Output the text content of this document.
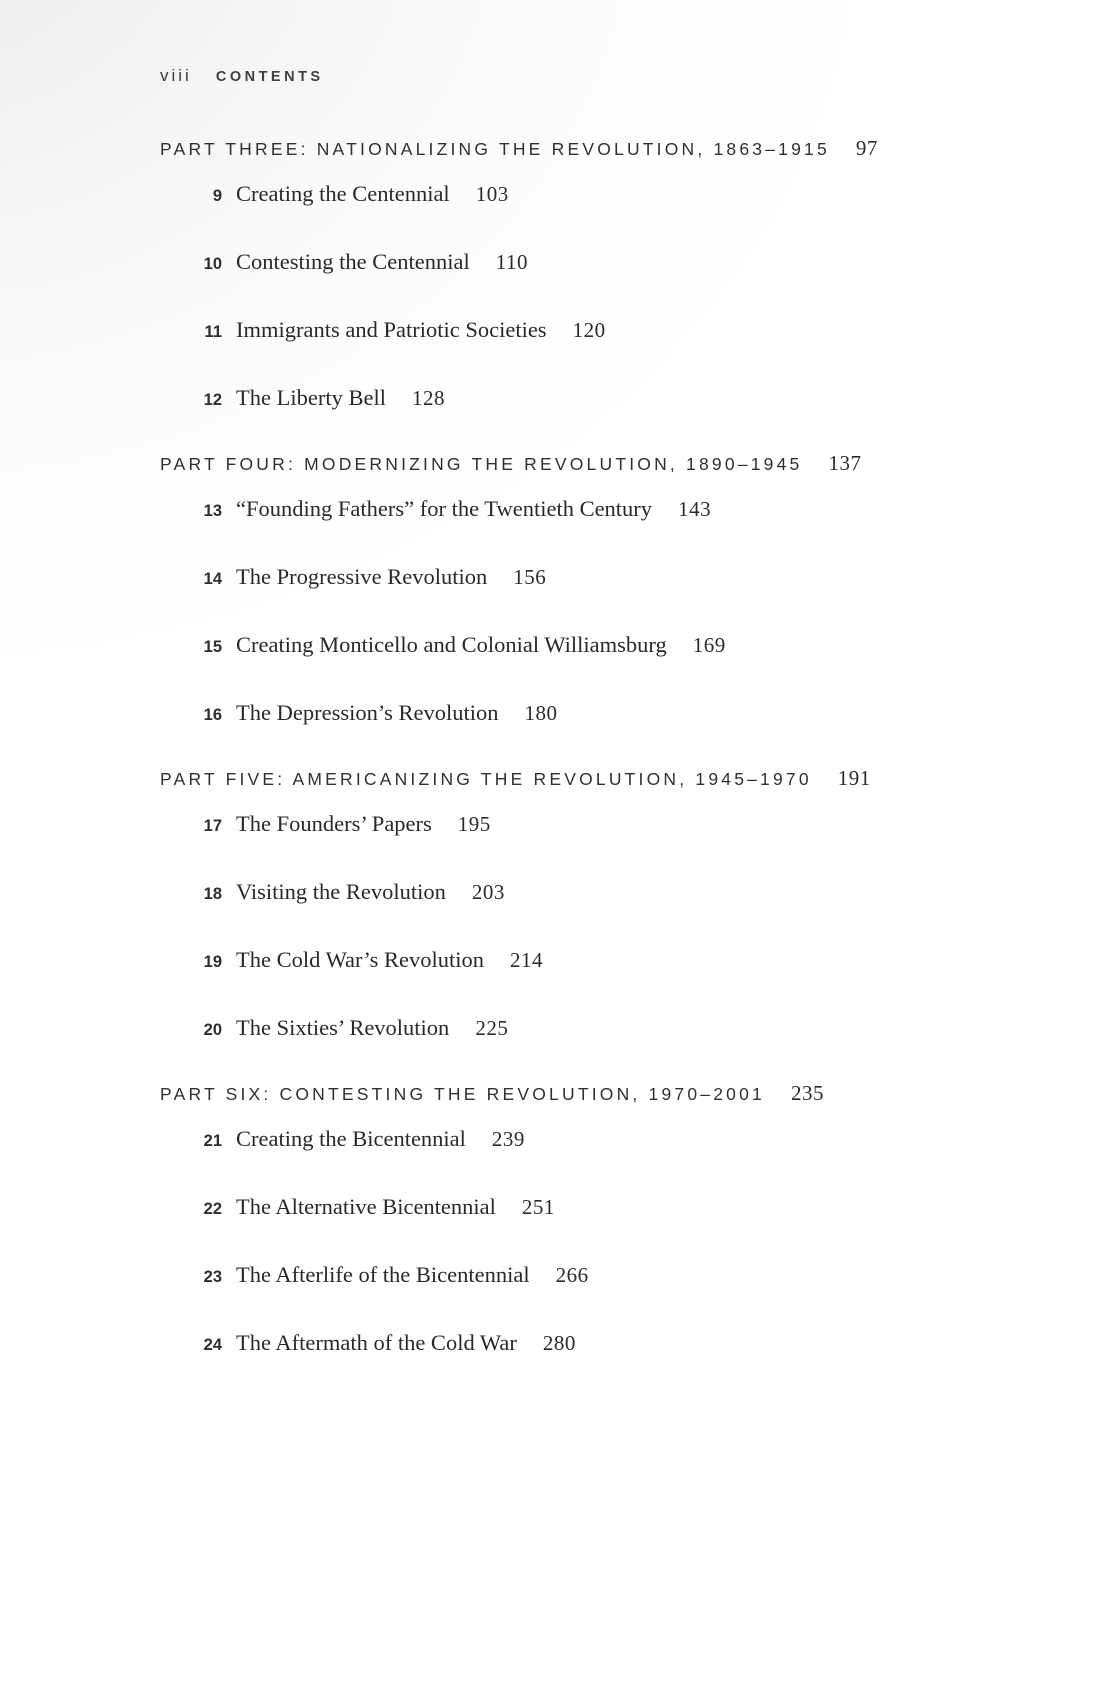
viii CONTENTS
PART THREE: NATIONALIZING THE REVOLUTION, 1863–1915 97
9 Creating the Centennial 103
10 Contesting the Centennial 110
11 Immigrants and Patriotic Societies 120
12 The Liberty Bell 128
PART FOUR: MODERNIZING THE REVOLUTION, 1890–1945 137
13 “Founding Fathers” for the Twentieth Century 143
14 The Progressive Revolution 156
15 Creating Monticello and Colonial Williamsburg 169
16 The Depression’s Revolution 180
PART FIVE: AMERICANIZING THE REVOLUTION, 1945–1970 191
17 The Founders’ Papers 195
18 Visiting the Revolution 203
19 The Cold War’s Revolution 214
20 The Sixties’ Revolution 225
PART SIX: CONTESTING THE REVOLUTION, 1970–2001 235
21 Creating the Bicentennial 239
22 The Alternative Bicentennial 251
23 The Afterlife of the Bicentennial 266
24 The Aftermath of the Cold War 280
